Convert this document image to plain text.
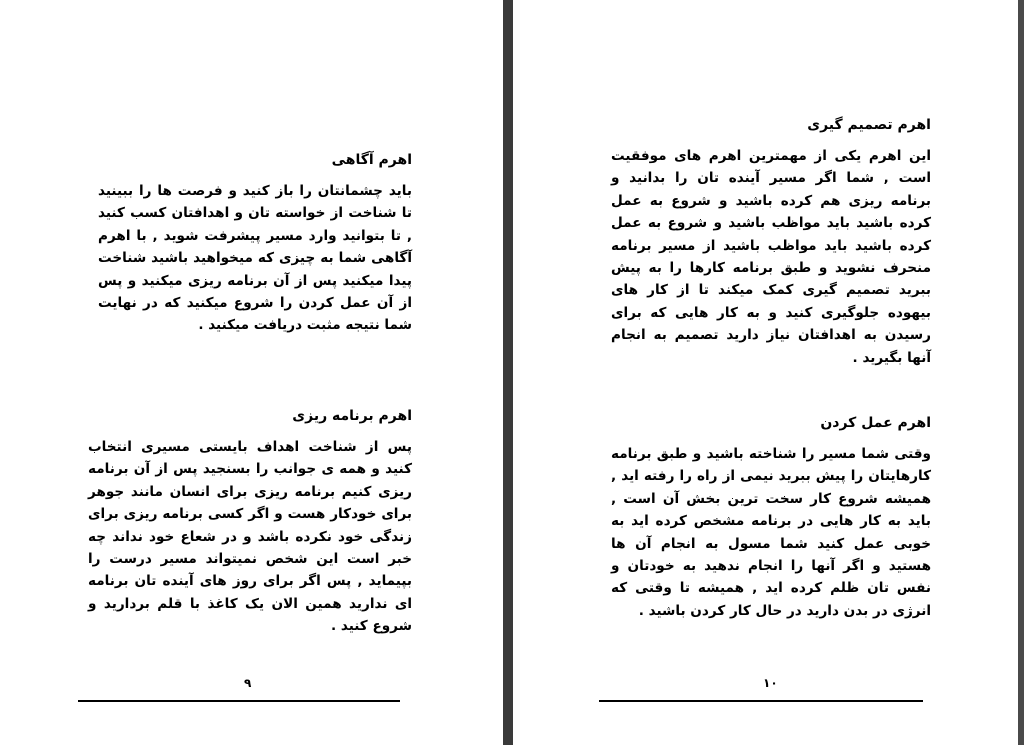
اهرم آگاهی

باید چشمانتان را باز کنید و فرصت ها را ببینید تا شناخت از خواسته تان و اهدافتان کسب کنید , تا بتوانید وارد مسیر پیشرفت شوید , با اهرم آگاهی شما به چیزی که میخواهید باشید شناخت پیدا میکنید پس از آن برنامه ریزی میکنید و پس از آن عمل کردن را شروع میکنید که در نهایت شما نتیجه مثبت دریافت میکنید .

اهرم برنامه ریزی

پس از شناخت اهداف بایستی مسیری انتخاب کنید و همه ی جوانب را بسنجید پس از آن برنامه ریزی کنیم برنامه ریزی برای انسان مانند جوهر برای خودکار هست و اگر کسی برنامه ریزی برای زندگی خود نکرده باشد و در شعاع خود نداند چه خبر است این شخص نمیتواند مسیر درست را بپیماید , پس اگر برای روز های آینده تان برنامه ای ندارید همین الان یک کاغذ با قلم بردارید و شروع کنید .

۹
اهرم تصمیم گیری

این اهرم یکی از مهمترین اهرم های موفقیت است , شما اگر مسیر آینده تان را بدانید و برنامه ریزی هم کرده باشید و شروع به عمل کرده باشید باید مواظب باشید و شروع به عمل کرده باشید باید مواظب باشید از مسیر برنامه منحرف نشوید و طبق برنامه کارها را به پیش ببرید تصمیم گیری کمک میکند تا از کار های بیهوده جلوگیری کنید و به کار هایی که برای رسیدن به اهدافتان نیاز دارید تصمیم به انجام آنها بگیرید .

اهرم عمل کردن

وقتی شما مسیر را شناخته باشید و طبق برنامه کارهایتان را پیش ببرید نیمی از راه را رفته اید , همیشه شروع کار سخت ترین بخش آن است , باید به کار هایی در برنامه مشخص کرده اید به خوبی عمل کنید شما مسول به انجام آن ها هستید و اگر آنها را انجام ندهید به خودتان و نفس تان ظلم کرده اید , همیشه تا وقتی که انرژی در بدن دارید در حال کار کردن باشید .

۱۰
